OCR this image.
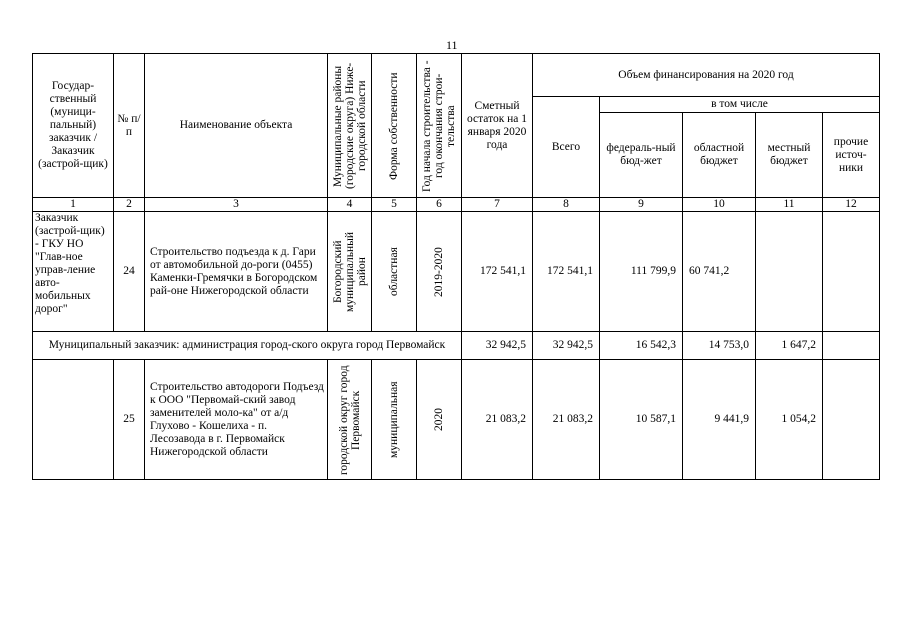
11
Государ-ственный (муници-пальный) заказчик / Заказчик (застрой-щик)	№ п/п	Наименование объекта	Муниципальные районы (городские округа) Ниже-городской области	Форма собственности	Год начала строительства - год окончания строи-тельства	Сметный остаток на 1 января 2020 года	Объем финансирования на 2020 год				
							Всего	в том числе			
								федераль-ный бюд-жет	областной бюджет	местный бюджет	прочие источ-ники
1	2	3	4	5	6	7	8	9	10	11	12
Заказчик (застрой-щик) - ГКУ НО "Глав-ное управ-ление авто-мобильных дорог"	24	Строительство подъезда к д. Гари от автомобильной до-роги (0455) Каменки-Гремячки в Богородском рай-оне Нижегородской области	Богородский муниципальный район	областная	2019-2020	172 541,1	172 541,1	111 799,9	60 741,2		
Муниципальный заказчик: администрация город-ского округа город Первомайск						32 942,5	32 942,5	16 542,3	14 753,0	1 647,2	
	25	Строительство автодороги Подъезд к ООО "Первомай-ский завод заменителей моло-ка" от а/д Глухово - Кошелиха - п. Лесозавода в г. Первомайск Нижегородской области	городской округ город Первомайск	муниципальная	2020	21 083,2	21 083,2	10 587,1	9 441,9	1 054,2	
